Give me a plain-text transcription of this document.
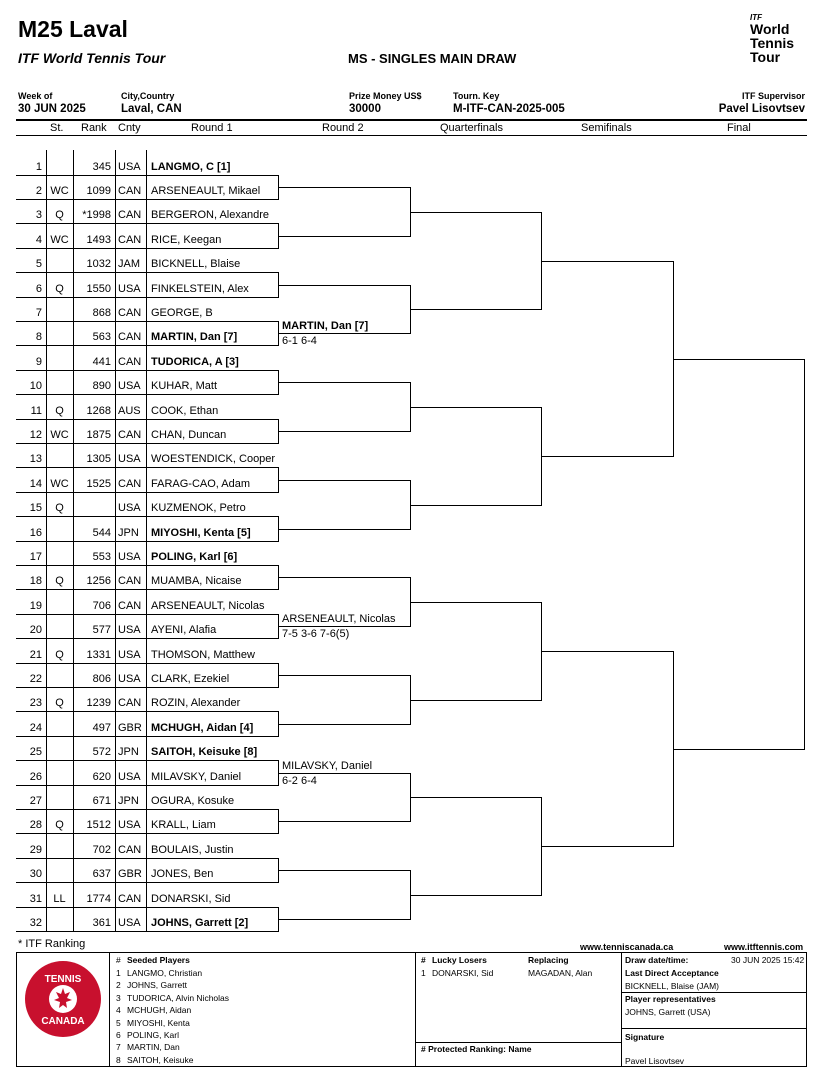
M25 Laval
ITF World Tennis Tour	MS - SINGLES MAIN DRAW
ITF
World
Tennis
Tour
Week of
30 JUN 2025
City,Country
Laval, CAN
Prize Money US$
30000
Tourn. Key
M-ITF-CAN-2025-005
ITF Supervisor
Pavel Lisovtsev
St. Rank Cnty	Round 1	Round 2	Quarterfinals	Semifinals	Final
1	345 USA LANGMO, C [1]
2 WC	1099 CAN ARSENEAULT, Mikael
3	Q	*1998 CAN BERGERON, Alexandre
4 WC	1493 CAN RICE, Keegan
5	1032 JAM BICKNELL, Blaise
6	Q	1550 USA FINKELSTEIN, Alex
7	868 CAN GEORGE, B
8	563 CAN MARTIN, Dan [7]
9	441 CAN TUDORICA, A [3]
10	890 USA KUHAR, Matt
11	Q	1268 AUS COOK, Ethan
12 WC	1875 CAN CHAN, Duncan
13	1305 USA WOESTENDICK, Cooper
14 WC	1525 CAN FARAG-CAO, Adam
15	Q	USA KUZMENOK, Petro
16	544 JPN MIYOSHI, Kenta [5]
17	553 USA POLING, Karl [6]
18	Q	1256 CAN MUAMBA, Nicaise
19	706 CAN ARSENEAULT, Nicolas
20	577 USA AYENI, Alafia
21	Q	1331 USA THOMSON, Matthew
22	806 USA CLARK, Ezekiel
23	Q	1239 CAN ROZIN, Alexander
24	497 GBR MCHUGH, Aidan [4]
25	572 JPN SAITOH, Keisuke [8]
26	620 USA MILAVSKY, Daniel
27	671 JPN OGURA, Kosuke
28	Q	1512 USA KRALL, Liam
29	702 CAN BOULAIS, Justin
30	637 GBR JONES, Ben
31	LL	1774 CAN DONARSKI, Sid
32	361 USA JOHNS, Garrett [2]
MARTIN, Dan [7]
6-1 6-4
ARSENEAULT, Nicolas
7-5 3-6 7-6(5)
MILAVSKY, Daniel
6-2 6-4
* ITF Ranking	www.tenniscanada.ca	www.itftennis.com
TENNIS
CANADA
# Seeded Players
1 LANGMO, Christian
2 JOHNS, Garrett
3 TUDORICA, Alvin Nicholas
4 MCHUGH, Aidan
5 MIYOSHI, Kenta
6 POLING, Karl
7 MARTIN, Dan
8 SAITOH, Keisuke
# Lucky Losers	Replacing
1 DONARSKI, Sid	MAGADAN, Alan
# Protected Ranking: Name
Draw date/time:	30 JUN 2025 15:42
Last Direct Acceptance
BICKNELL, Blaise (JAM)
Player representatives
JOHNS, Garrett (USA)
Signature
Pavel Lisovtsev
